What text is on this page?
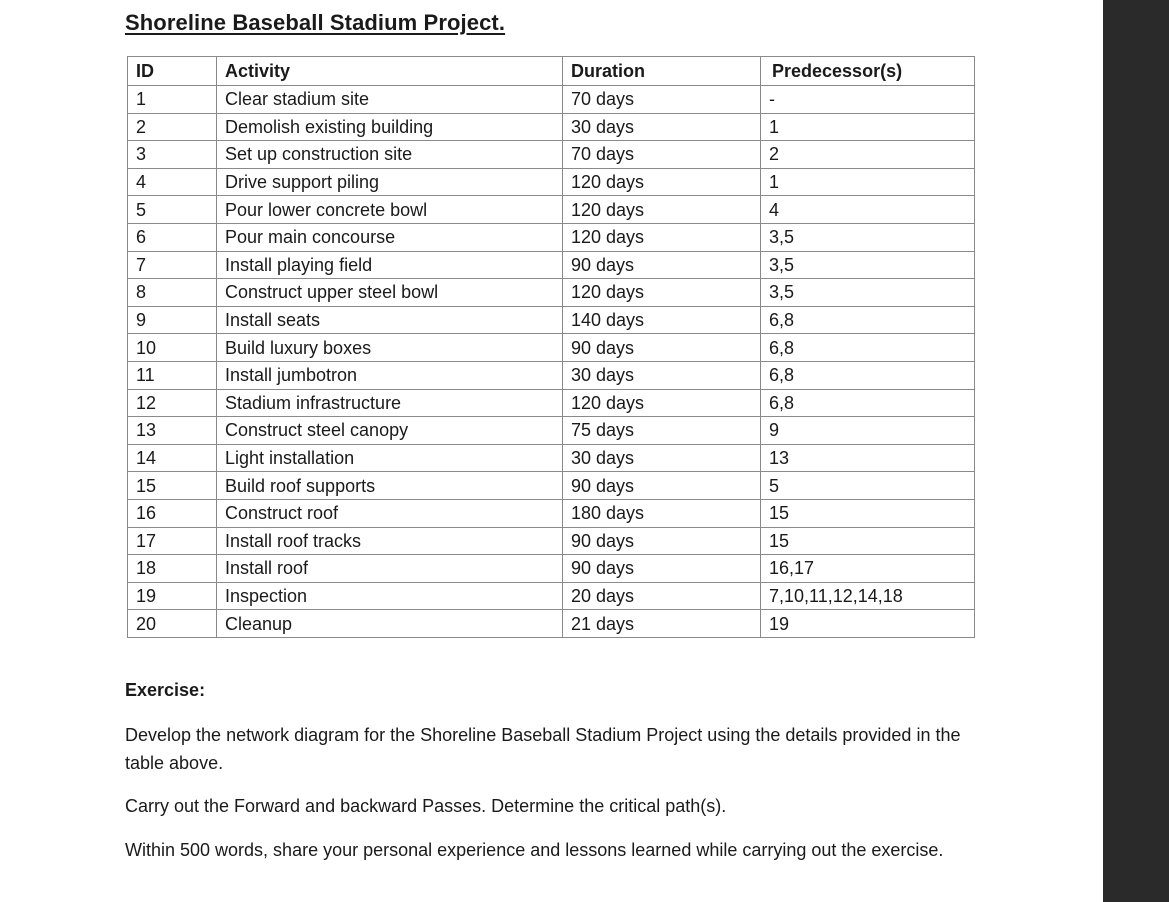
Shoreline Baseball Stadium Project.
ID	Activity	Duration	Predecessor(s)
1	Clear stadium site	70 days	-
2	Demolish existing building	30 days	1
3	Set up construction site	70 days	2
4	Drive support piling	120 days	1
5	Pour lower concrete bowl	120 days	4
6	Pour main concourse	120 days	3,5
7	Install playing field	90 days	3,5
8	Construct upper steel bowl	120 days	3,5
9	Install seats	140 days	6,8
10	Build luxury boxes	90 days	6,8
11	Install jumbotron	30 days	6,8
12	Stadium infrastructure	120 days	6,8
13	Construct steel canopy	75 days	9
14	Light installation	30 days	13
15	Build roof supports	90 days	5
16	Construct roof	180 days	15
17	Install roof tracks	90 days	15
18	Install roof	90 days	16,17
19	Inspection	20 days	7,10,11,12,14,18
20	Cleanup	21 days	19
Exercise:
Develop the network diagram for the Shoreline Baseball Stadium Project using the details provided in the table above.
Carry out the Forward and backward Passes. Determine the critical path(s).
Within 500 words, share your personal experience and lessons learned while carrying out the exercise.
